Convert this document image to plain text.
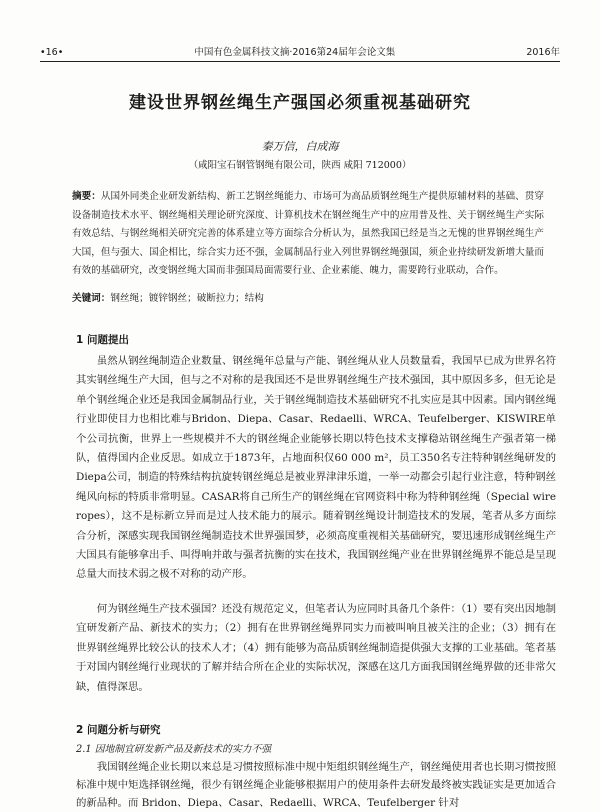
•16•	中国有色金属科技文摘·2016第24届年会论文集	2016年
建设世界钢丝绳生产强国必须重视基础研究
秦万信，白成海
（咸阳宝石钢管钢绳有限公司，陕西 咸阳 712000）
摘要：从国外同类企业研发新结构、新工艺钢丝绳能力、市场可为高品质钢丝绳生产提供原辅材料的基础、贯穿设备制造技术水平、钢丝绳相关理论研究深度、计算机技术在钢丝绳生产中的应用普及性、关于钢丝绳生产实际有效总结、与钢丝绳相关研究完善的体系建立等方面综合分析认为，虽然我国已经是当之无愧的世界钢丝绳生产大国，但与强大、国企相比，综合实力还不强，金属制品行业入列世界钢丝绳强国，须企业持续研发新增大量而有效的基础研究，改变钢丝绳大国而非强国局面需要行业、企业素能、魄力，需要跨行业联动，合作。
关键词：钢丝绳；镀锌钢丝；破断拉力；结构
1 问题提出
虽然从钢丝绳制造企业数量、钢丝绳年总量与产能、钢丝绳从业人员数量看，我国早已成为世界名符其实钢丝绳生产大国，但与之不对称的是我国还不是世界钢丝绳生产技术强国，其中原因多多，但无论是单个钢丝绳企业还是我国金属制品行业，关于钢丝绳制造技术基础研究不扎实应是其中因素。国内钢丝绳行业即使目力也相比难与Bridon、Diepa、Casar、Redaelli、WRCA、Teufelberger、KISWIRE单个公司抗衡，世界上一些规模并不大的钢丝绳企业能够长期以特色技术支撑稳站钢丝绳生产强者第一梯队，值得国内企业反思。如成立于1873年，占地面积仅60 000 m²，员工350名专注特种钢丝绳研发的Diepa公司，制造的特殊结构抗旋转钢丝绳总是被业界津津乐道，一举一动都会引起行业注意，特种钢丝绳风向标的特质非常明显。CASAR将自己所生产的钢丝绳在官网资料中称为特种钢丝绳（Special wire ropes），这不是标新立异而是过人技术能力的展示。随着钢丝绳设计制造技术的发展，笔者从多方面综合分析，深感实现我国钢丝绳制造技术世界强国梦，必须高度重视相关基础研究，要迅速形成钢丝绳生产大国具有能够拿出手、叫得响并敢与强者抗衡的实在技术，我国钢丝绳产业在世界钢丝绳界不能总是呈现总量大而技术弱之极不对称的动产形。
何为钢丝绳生产技术强国？还没有规范定义，但笔者认为应同时具备几个条件：（1）要有突出因地制宜研发新产品、新技术的实力；（2）拥有在世界钢丝绳界同实力而被叫响且被关注的企业；（3）拥有在世界钢丝绳界比较公认的技术人才；（4）拥有能够为高品质钢丝绳制造提供强大支撑的工业基础。笔者基于对国内钢丝绳行业现状的了解并结合所在企业的实际状况，深感在这几方面我国钢丝绳界做的还非常欠缺，值得深思。
2 问题分析与研究
2.1 因地制宜研发新产品及新技术的实力不强
我国钢丝绳企业长期以来总是习惯按照标准中规中矩组织钢丝绳生产，钢丝绳使用者也长期习惯按照标准中规中矩选择钢丝绳，很少有钢丝绳企业能够根据用户的使用条件去研发最终被实践证实是更加适合的新品种。而 Bridon、Diepa、Casar、Redaelli、WRCA、Teufelberger 针对
